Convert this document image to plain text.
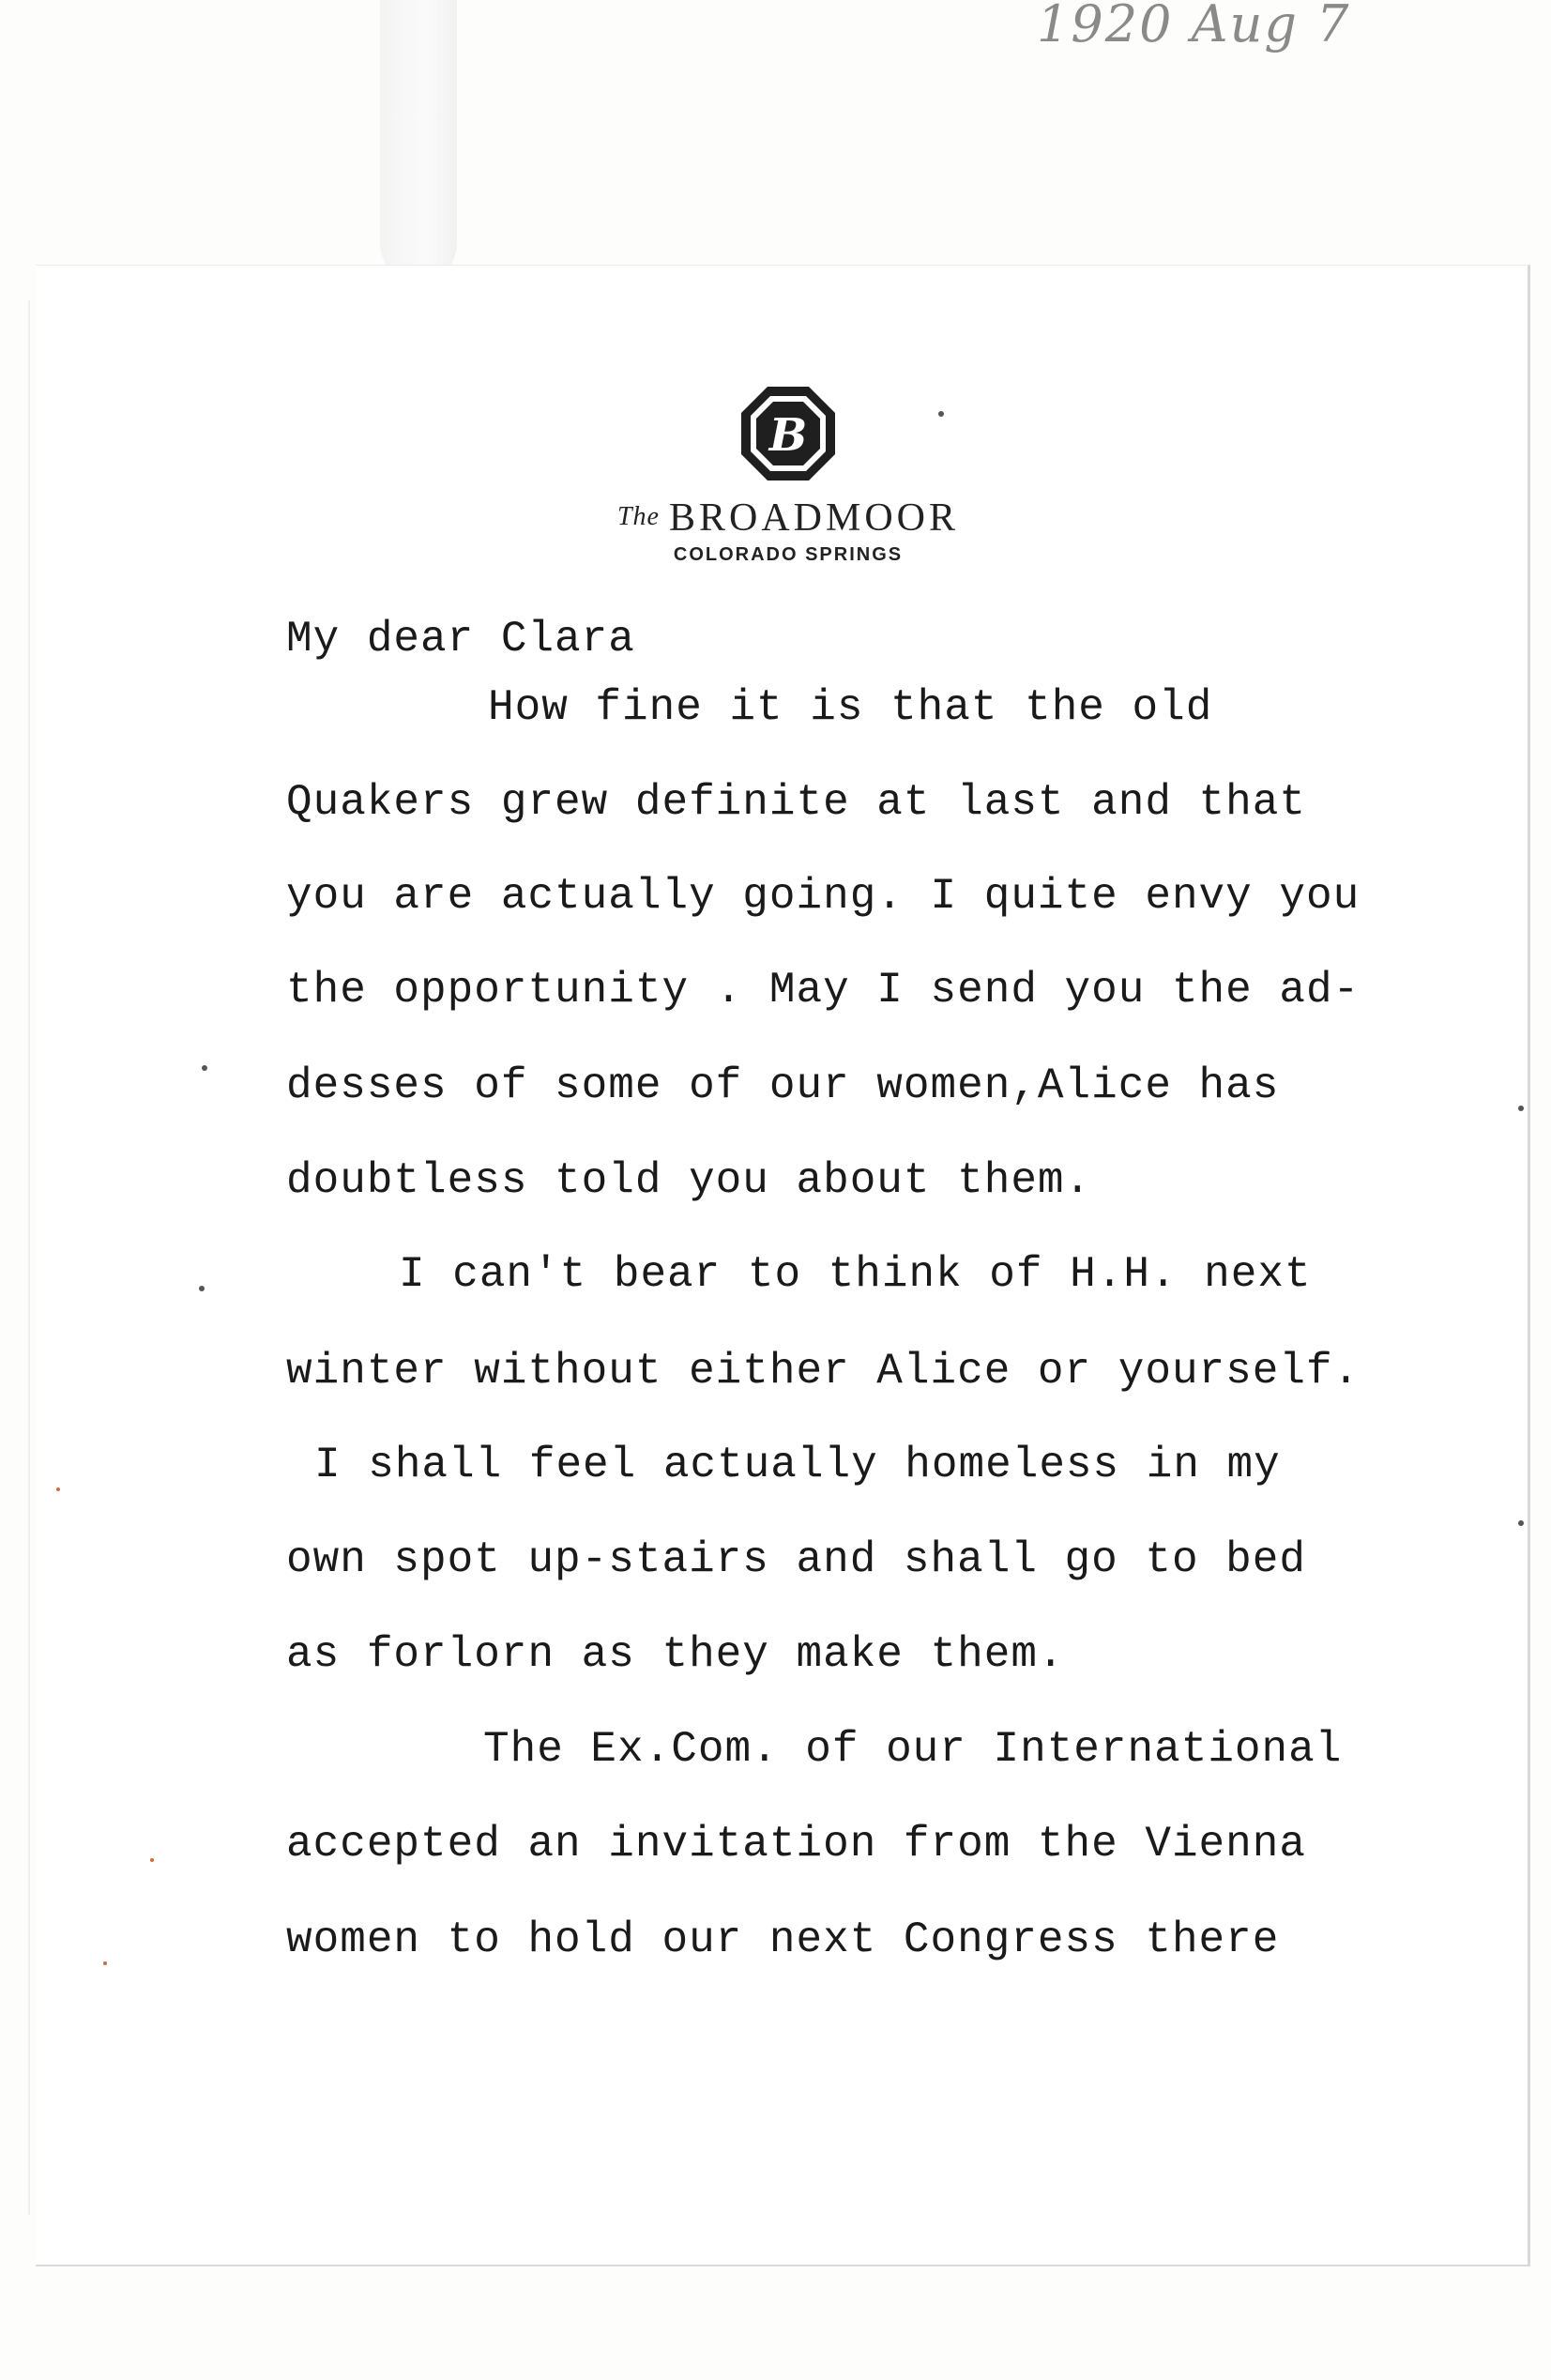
1920 Aug 7
B
The BROADMOOR
COLORADO SPRINGS
My dear Clara
How fine it is that the old
Quakers grew definite at last and that
you are actually going. I quite envy you
the opportunity . May I send you the ad-
desses of some of our women,Alice has
doubtless told you about them.
I can't bear to think of H.H. next
winter without either Alice or yourself.
I shall feel actually homeless in my
own spot up-stairs and shall go to bed
as forlorn as they make them.
The Ex.Com. of our International
accepted an invitation from the Vienna
women to hold our next Congress there
